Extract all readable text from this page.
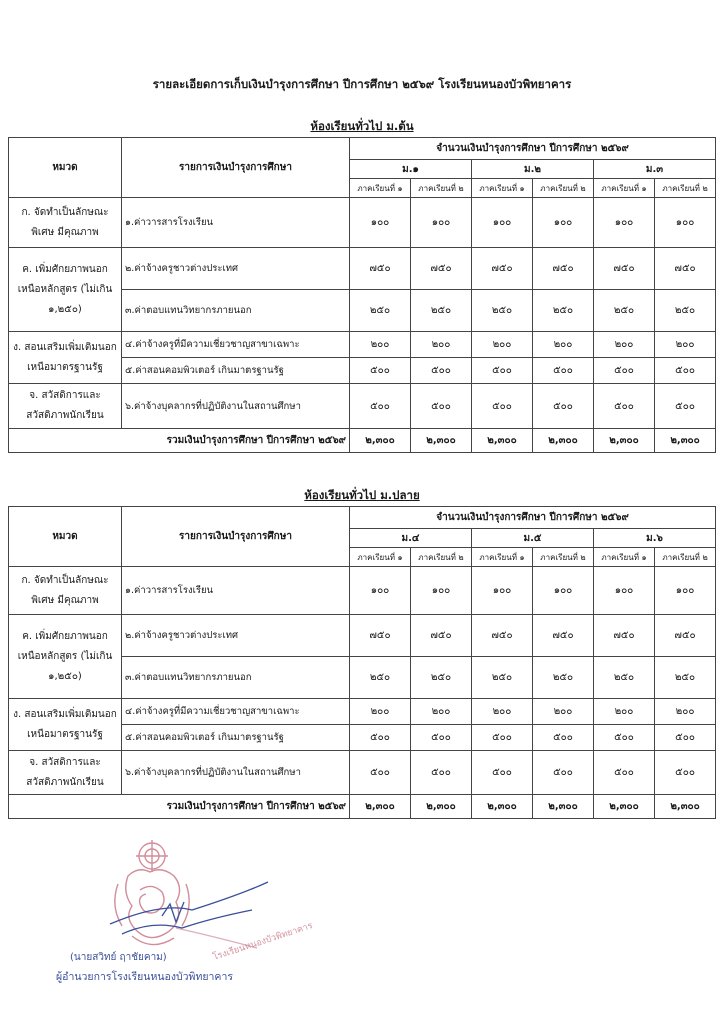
รายละเอียดการเก็บเงินบำรุงการศึกษา ปีการศึกษา ๒๕๖๙ โรงเรียนหนองบัวพิทยาคาร
ห้องเรียนทั่วไป ม.ต้น
หมวด	รายการเงินบำรุงการศึกษา	จำนวนเงินบำรุงการศึกษา ปีการศึกษา ๒๕๖๙					
		ม.๑		ม.๒		ม.๓	
		ภาคเรียนที่ ๑	ภาคเรียนที่ ๒	ภาคเรียนที่ ๑	ภาคเรียนที่ ๒	ภาคเรียนที่ ๑	ภาคเรียนที่ ๒
ก. จัดทำเป็นลักษณะพิเศษ มีคุณภาพ	๑.ค่าวารสารโรงเรียน	๑๐๐	๑๐๐	๑๐๐	๑๐๐	๑๐๐	๑๐๐
ค. เพิ่มศักยภาพนอกเหนือหลักสูตร (ไม่เกิน ๑,๒๕๐)	๒.ค่าจ้างครูชาวต่างประเทศ	๗๕๐	๗๕๐	๗๕๐	๗๕๐	๗๕๐	๗๕๐
	๓.ค่าตอบแทนวิทยากรภายนอก	๒๕๐	๒๕๐	๒๕๐	๒๕๐	๒๕๐	๒๕๐
ง. สอนเสริมเพิ่มเติมนอกเหนือมาตรฐานรัฐ	๔.ค่าจ้างครูที่มีความเชี่ยวชาญสาขาเฉพาะ	๒๐๐	๒๐๐	๒๐๐	๒๐๐	๒๐๐	๒๐๐
	๕.ค่าสอนคอมพิวเตอร์ เกินมาตรฐานรัฐ	๕๐๐	๕๐๐	๕๐๐	๕๐๐	๕๐๐	๕๐๐
จ. สวัสดิการและสวัสดิภาพนักเรียน	๖.ค่าจ้างบุคลากรที่ปฏิบัติงานในสถานศึกษา	๕๐๐	๕๐๐	๕๐๐	๕๐๐	๕๐๐	๕๐๐
รวมเงินบำรุงการศึกษา ปีการศึกษา ๒๕๖๙		๒,๓๐๐	๒,๓๐๐	๒,๓๐๐	๒,๓๐๐	๒,๓๐๐	๒,๓๐๐
ห้องเรียนทั่วไป ม.ปลาย
หมวด	รายการเงินบำรุงการศึกษา	จำนวนเงินบำรุงการศึกษา ปีการศึกษา ๒๕๖๙					
		ม.๔		ม.๕		ม.๖	
		ภาคเรียนที่ ๑	ภาคเรียนที่ ๒	ภาคเรียนที่ ๑	ภาคเรียนที่ ๒	ภาคเรียนที่ ๑	ภาคเรียนที่ ๒
ก. จัดทำเป็นลักษณะพิเศษ มีคุณภาพ	๑.ค่าวารสารโรงเรียน	๑๐๐	๑๐๐	๑๐๐	๑๐๐	๑๐๐	๑๐๐
ค. เพิ่มศักยภาพนอกเหนือหลักสูตร (ไม่เกิน ๑,๒๕๐)	๒.ค่าจ้างครูชาวต่างประเทศ	๗๕๐	๗๕๐	๗๕๐	๗๕๐	๗๕๐	๗๕๐
	๓.ค่าตอบแทนวิทยากรภายนอก	๒๕๐	๒๕๐	๒๕๐	๒๕๐	๒๕๐	๒๕๐
ง. สอนเสริมเพิ่มเติมนอกเหนือมาตรฐานรัฐ	๔.ค่าจ้างครูที่มีความเชี่ยวชาญสาขาเฉพาะ	๒๐๐	๒๐๐	๒๐๐	๒๐๐	๒๐๐	๒๐๐
	๕.ค่าสอนคอมพิวเตอร์ เกินมาตรฐานรัฐ	๕๐๐	๕๐๐	๕๐๐	๕๐๐	๕๐๐	๕๐๐
จ. สวัสดิการและสวัสดิภาพนักเรียน	๖.ค่าจ้างบุคลากรที่ปฏิบัติงานในสถานศึกษา	๕๐๐	๕๐๐	๕๐๐	๕๐๐	๕๐๐	๕๐๐
รวมเงินบำรุงการศึกษา ปีการศึกษา ๒๕๖๙		๒,๓๐๐	๒,๓๐๐	๒,๓๐๐	๒,๓๐๐	๒,๓๐๐	๒,๓๐๐
โรงเรียนหนองบัวพิทยาคาร
(นายสวิทย์ ฤาชัยคาม)
ผู้อำนวยการโรงเรียนหนองบัวพิทยาคาร
